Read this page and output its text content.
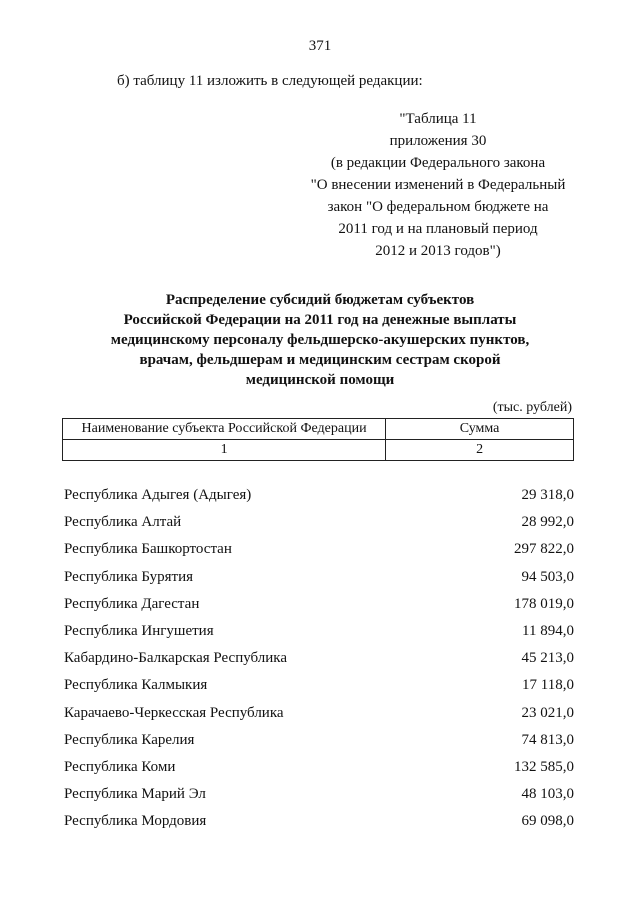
371
б) таблицу 11 изложить в следующей редакции:
"Таблица 11
приложения 30
(в редакции Федерального закона
"О внесении изменений в Федеральный
закон "О федеральном бюджете на
2011 год и на плановый период
2012 и 2013 годов")
Распределение субсидий бюджетам субъектов
Российской Федерации на 2011 год на денежные выплаты
медицинскому персоналу фельдшерско-акушерских пунктов,
врачам, фельдшерам и медицинским сестрам скорой
медицинской помощи
(тыс. рублей)
Наименование субъекта Российской Федерации	Сумма
1	2
Республика Адыгея (Адыгея)	29 318,0
Республика Алтай	28 992,0
Республика Башкортостан	297 822,0
Республика Бурятия	94 503,0
Республика Дагестан	178 019,0
Республика Ингушетия	11 894,0
Кабардино-Балкарская Республика	45 213,0
Республика Калмыкия	17 118,0
Карачаево-Черкесская Республика	23 021,0
Республика Карелия	74 813,0
Республика Коми	132 585,0
Республика Марий Эл	48 103,0
Республика Мордовия	69 098,0
